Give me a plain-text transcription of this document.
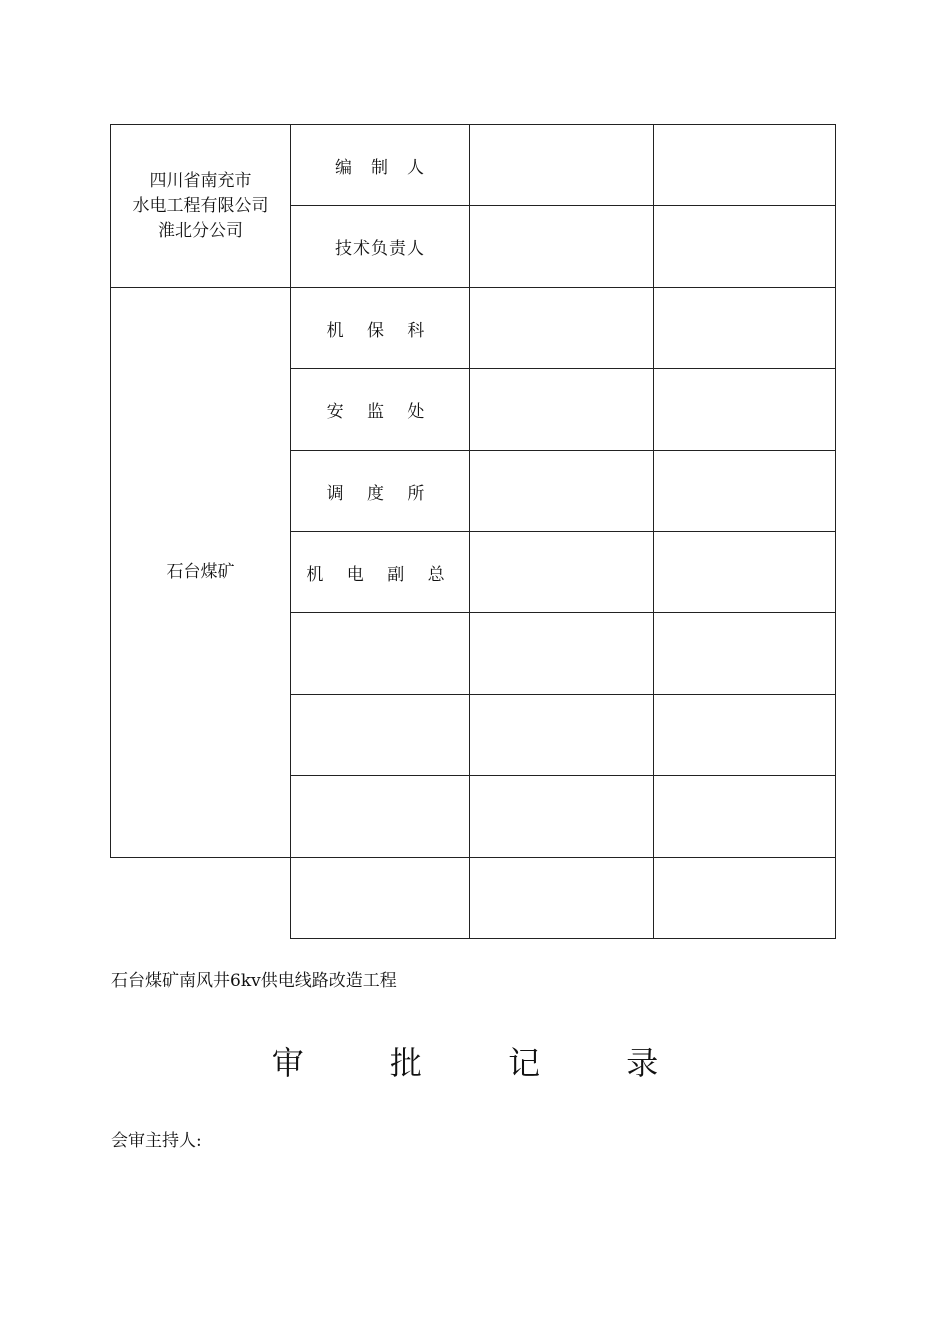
四川省南充市
水电工程有限公司
淮北分公司
编　制　人
技术负责人
石台煤矿
机 保 科
安 监 处
调 度 所
机 电 副 总
石台煤矿南风井6kv供电线路改造工程
审 批 记 录
会审主持人:
